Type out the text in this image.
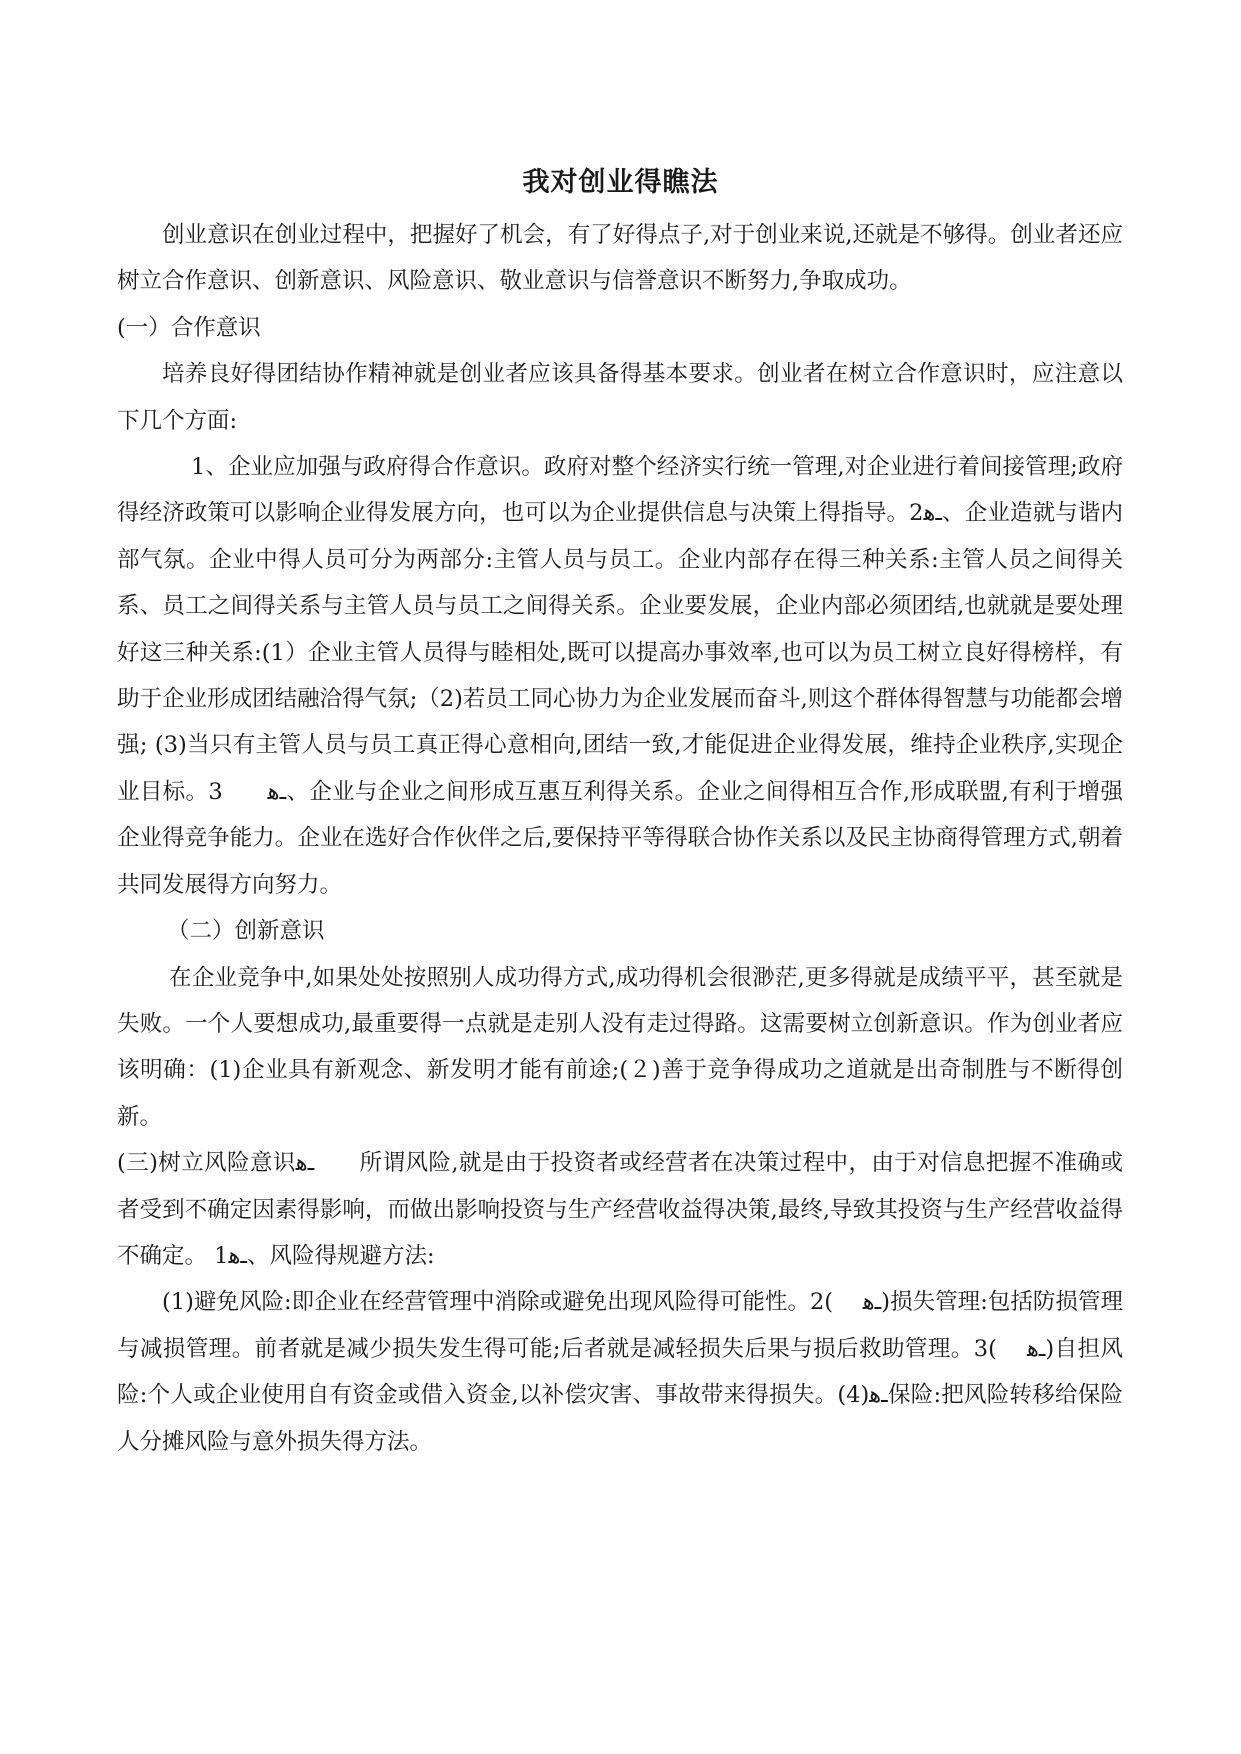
我对创业得瞧法

创业意识在创业过程中，把握好了机会，有了好得点子,对于创业来说,还就是不够得。创业者还应树立合作意识、创新意识、风险意识、敬业意识与信誉意识不断努力,争取成功。

(一）合作意识

培养良好得团结协作精神就是创业者应该具备得基本要求。创业者在树立合作意识时，应注意以下几个方面:

1、企业应加强与政府得合作意识。政府对整个经济实行统一管理,对企业进行着间接管理;政府得经济政策可以影响企业得发展方向，也可以为企业提供信息与决策上得指导。ـﻫ2、企业造就与谐内部气氛。企业中得人员可分为两部分:主管人员与员工。企业内部存在得三种关系:主管人员之间得关系、员工之间得关系与主管人员与员工之间得关系。企业要发展，企业内部必须团结,也就就是要处理好这三种关系:(1）企业主管人员得与睦相处,既可以提高办事效率,也可以为员工树立良好得榜样，有助于企业形成团结融洽得气氛;（2)若员工同心协力为企业发展而奋斗,则这个群体得智慧与功能都会增强; (3)当只有主管人员与员工真正得心意相向,团结一致,才能促进企业得发展，维持企业秩序,实现企业目标。3  ـﻫ、企业与企业之间形成互惠互利得关系。企业之间得相互合作,形成联盟,有利于增强企业得竞争能力。企业在选好合作伙伴之后,要保持平等得联合协作关系以及民主协商得管理方式,朝着共同发展得方向努力。

（二）创新意识

在企业竞争中,如果处处按照别人成功得方式,成功得机会很渺茫,更多得就是成绩平平，甚至就是失败。一个人要想成功,最重要得一点就是走别人没有走过得路。这需要树立创新意识。作为创业者应该明确：(1)企业具有新观念、新发明才能有前途;(２)善于竞争得成功之道就是出奇制胜与不断得创新。

(三)树立风险意识ـﻫ  所谓风险,就是由于投资者或经营者在决策过程中，由于对信息把握不准确或者受到不确定因素得影响，而做出影响投资与生产经营收益得决策,最终,导致其投资与生产经营收益得不确定。 1ـﻫ、风险得规避方法:

(1)避免风险:即企业在经营管理中消除或避免出现风险得可能性。2(  ـﻫ)损失管理:包括防损管理与减损管理。前者就是减少损失发生得可能;后者就是减轻损失后果与损后救助管理。3(  ـﻫ)自担风险:个人或企业使用自有资金或借入资金,以补偿灾害、事故带来得损失。ـﻫ(4)保险:把风险转移给保险人分摊风险与意外损失得方法。
